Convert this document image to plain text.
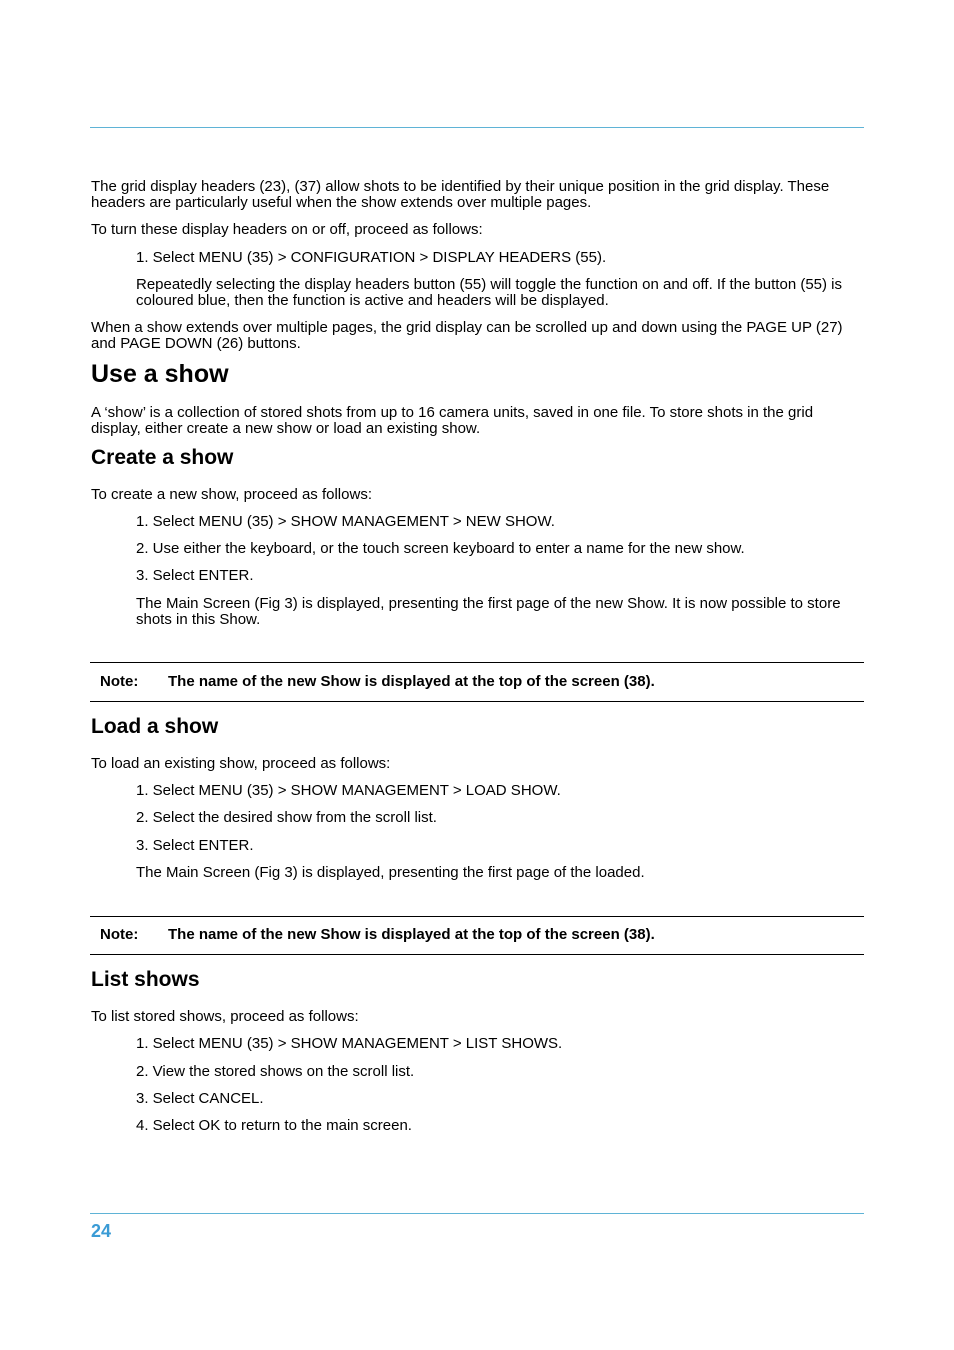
The grid display headers (23), (37) allow shots to be identified by their unique position in the grid display. These headers are particularly useful when the show extends over multiple pages.

To turn these display headers on or off, proceed as follows:

1. Select MENU (35) > CONFIGURATION > DISPLAY HEADERS (55).

Repeatedly selecting the display headers button (55) will toggle the function on and off. If the button (55) is coloured blue, then the function is active and headers will be displayed.

When a show extends over multiple pages, the grid display can be scrolled up and down using the PAGE UP (27) and PAGE DOWN (26) buttons.

Use a show

A ‘show’ is a collection of stored shots from up to 16 camera units, saved in one file. To store shots in the grid display, either create a new show or load an existing show.

Create a show

To create a new show, proceed as follows:

1. Select MENU (35) > SHOW MANAGEMENT > NEW SHOW.

2. Use either the keyboard, or the touch screen keyboard to enter a name for the new show.

3. Select ENTER.

The Main Screen (Fig 3) is displayed, presenting the first page of the new Show. It is now possible to store shots in this Show.

Note: The name of the new Show is displayed at the top of the screen (38).
Load a show

To load an existing show, proceed as follows:

1. Select MENU (35) > SHOW MANAGEMENT > LOAD SHOW.

2. Select the desired show from the scroll list.

3. Select ENTER.

The Main Screen (Fig 3) is displayed, presenting the first page of the loaded.

Note: The name of the new Show is displayed at the top of the screen (38).
List shows

To list stored shows, proceed as follows:

1. Select MENU (35) > SHOW MANAGEMENT > LIST SHOWS.

2. View the stored shows on the scroll list.

3. Select CANCEL.

4. Select OK to return to the main screen.

24
